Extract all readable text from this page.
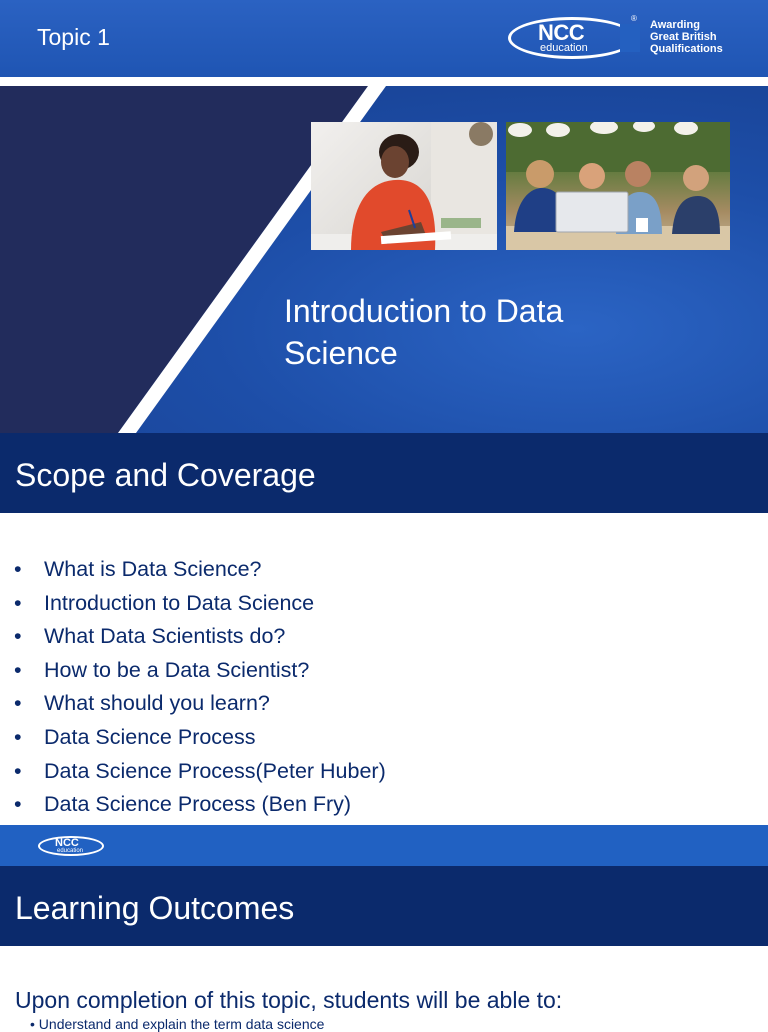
Topic 1	NCC
education
®
Awarding
Great British
Qualifications
Introduction to Data Science
Scope and Coverage
• What is Data Science?
• Introduction to Data Science
• What Data Scientists do?
• How to be a Data Scientist?
• What should you learn?
• Data Science Process
• Data Science Process(Peter Huber)
• Data Science Process (Ben Fry)
NCC
education
Learning Outcomes
Upon completion of this topic, students will be able to:
• Understand and explain the term data science
